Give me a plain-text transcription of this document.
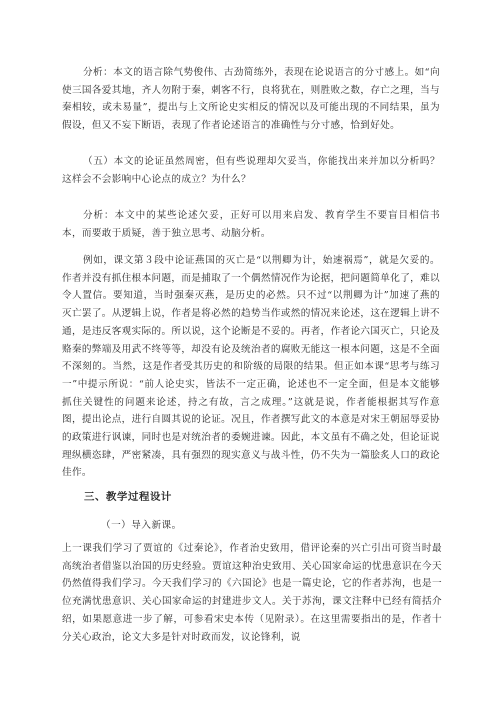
分析：本文的语言除气势俊伟、古劲简练外，表现在论说语言的分寸感上。如“向使三国各爱其地，齐人勿附于秦，刺客不行，良将犹在，则胜败之数，存亡之理，当与秦相较，或未易量”，提出与上文所论史实相反的情况以及可能出现的不同结果，虽为假设，但又不妄下断语，表现了作者论述语言的准确性与分寸感，恰到好处。

（五）本文的论证虽然周密，但有些说理却欠妥当，你能找出来并加以分析吗？这样会不会影响中心论点的成立？为什么？

分析：本文中的某些论述欠妥，正好可以用来启发、教育学生不要盲目相信书本，而要敢于质疑，善于独立思考、动脑分析。

例如，课文第３段中论证燕国的灭亡是“以荆卿为计，始速祸焉”，就是欠妥的。作者并没有抓住根本问题，而是捕取了一个偶然情况作为论据，把问题简单化了，难以令人置信。要知道，当时强秦灭燕，是历史的必然。只不过“以荆卿为计”加速了燕的灭亡罢了。从逻辑上说，作者是将必然的趋势当作或然的情况来论述，这在逻辑上讲不通，是违反客观实际的。所以说，这个论断是不妥的。再者，作者论六国灭亡，只论及赂秦的弊端及用武不终等等，却没有论及统治者的腐败无能这一根本问题，这是不全面不深刻的。当然，这是作者受其历史的和阶级的局限的结果。但正如本课“思考与练习一”中提示所说：“前人论史实，皆法不一定正确，论述也不一定全面，但是本文能够抓住关键性的问题来论述，持之有故，言之成理。”这就是说，作者能根据其写作意图，提出论点，进行自圆其说的论证。况且，作者撰写此文的本意是对宋王朝屈辱妥协的政策进行讽谏，同时也是对统治者的委婉进谏。因此，本文虽有不确之处，但论证说理纵横恣肆，严密紧凑，具有强烈的现实意义与战斗性，仍不失为一篇脍炙人口的政论佳作。

三、教学过程设计

（一）导入新课。

上一课我们学习了贾谊的《过秦论》，作者治史致用，借评论秦的兴亡引出可资当时最高统治者借鉴以治国的历史经验。贾谊这种治史致用、关心国家命运的忧患意识在今天仍然值得我们学习。今天我们学习的《六国论》也是一篇史论，它的作者苏洵，也是一位充满忧患意识、关心国家命运的封建进步文人。关于苏洵，课文注释中已经有简括介绍，如果愿意进一步了解，可参看宋史本传（见附录）。在这里需要指出的是，作者十分关心政治，论文大多是针对时政而发，议论锋利，说
